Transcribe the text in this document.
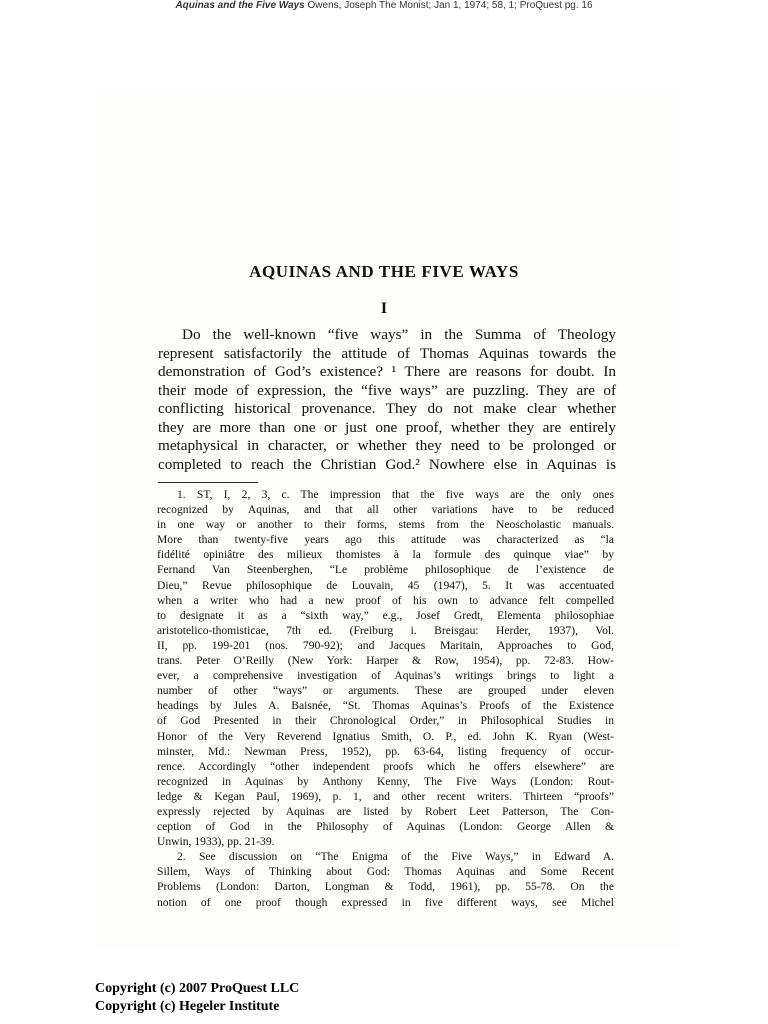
Aquinas and the Five Ways Owens, Joseph The Monist; Jan 1, 1974; 58, 1; ProQuest pg. 16
AQUINAS AND THE FIVE WAYS
I
Do the well-known “five ways” in the Summa of Theology
represent satisfactorily the attitude of Thomas Aquinas towards the
demonstration of God’s existence? ¹ There are reasons for doubt. In
their mode of expression, the “five ways” are puzzling. They are of
conflicting historical provenance. They do not make clear whether
they are more than one or just one proof, whether they are entirely
metaphysical in character, or whether they need to be prolonged or
completed to reach the Christian God.² Nowhere else in Aquinas is
1. ST, I, 2, 3, c. The impression that the five ways are the only ones
recognized by Aquinas, and that all other variations have to be reduced
in one way or another to their forms, stems from the Neoscholastic manuals.
More than twenty-five years ago this attitude was characterized as “la
fidélité opiniâtre des milieux thomistes à la formule des quinque viae” by
Fernand Van Steenberghen, “Le problème philosophique de l’existence de
Dieu,” Revue philosophique de Louvain, 45 (1947), 5. It was accentuated
when a writer who had a new proof of his own to advance felt compelled
to designate it as a “sixth way,” e.g., Josef Gredt, Elementa philosophiae
aristotelico-thomisticae, 7th ed. (Freiburg i. Breisgau: Herder, 1937), Vol.
II, pp. 199-201 (nos. 790-92); and Jacques Maritain, Approaches to God,
trans. Peter O’Reilly (New York: Harper & Row, 1954), pp. 72-83. How-
ever, a comprehensive investigation of Aquinas’s writings brings to light a
number of other “ways” or arguments. These are grouped under eleven
headings by Jules A. Baisnée, “St. Thomas Aquinas’s Proofs of the Existence
of God Presented in their Chronological Order,” in Philosophical Studies in
Honor of the Very Reverend Ignatius Smith, O. P., ed. John K. Ryan (West-
minster, Md.: Newman Press, 1952), pp. 63-64, listing frequency of occur-
rence. Accordingly “other independent proofs which he offers elsewhere” are
recognized in Aquinas by Anthony Kenny, The Five Ways (London: Rout-
ledge & Kegan Paul, 1969), p. 1, and other recent writers. Thirteen “proofs”
expressly rejected by Aquinas are listed by Robert Leet Patterson, The Con-
ception of God in the Philosophy of Aquinas (London: George Allen &
Unwin, 1933), pp. 21-39.
2. See discussion on “The Enigma of the Five Ways,” in Edward A.
Sillem, Ways of Thinking about God: Thomas Aquinas and Some Recent
Problems (London: Darton, Longman & Todd, 1961), pp. 55-78. On the
notion of one proof though expressed in five different ways, see Michel
Copyright (c) 2007 ProQuest LLC
Copyright (c) Hegeler Institute
